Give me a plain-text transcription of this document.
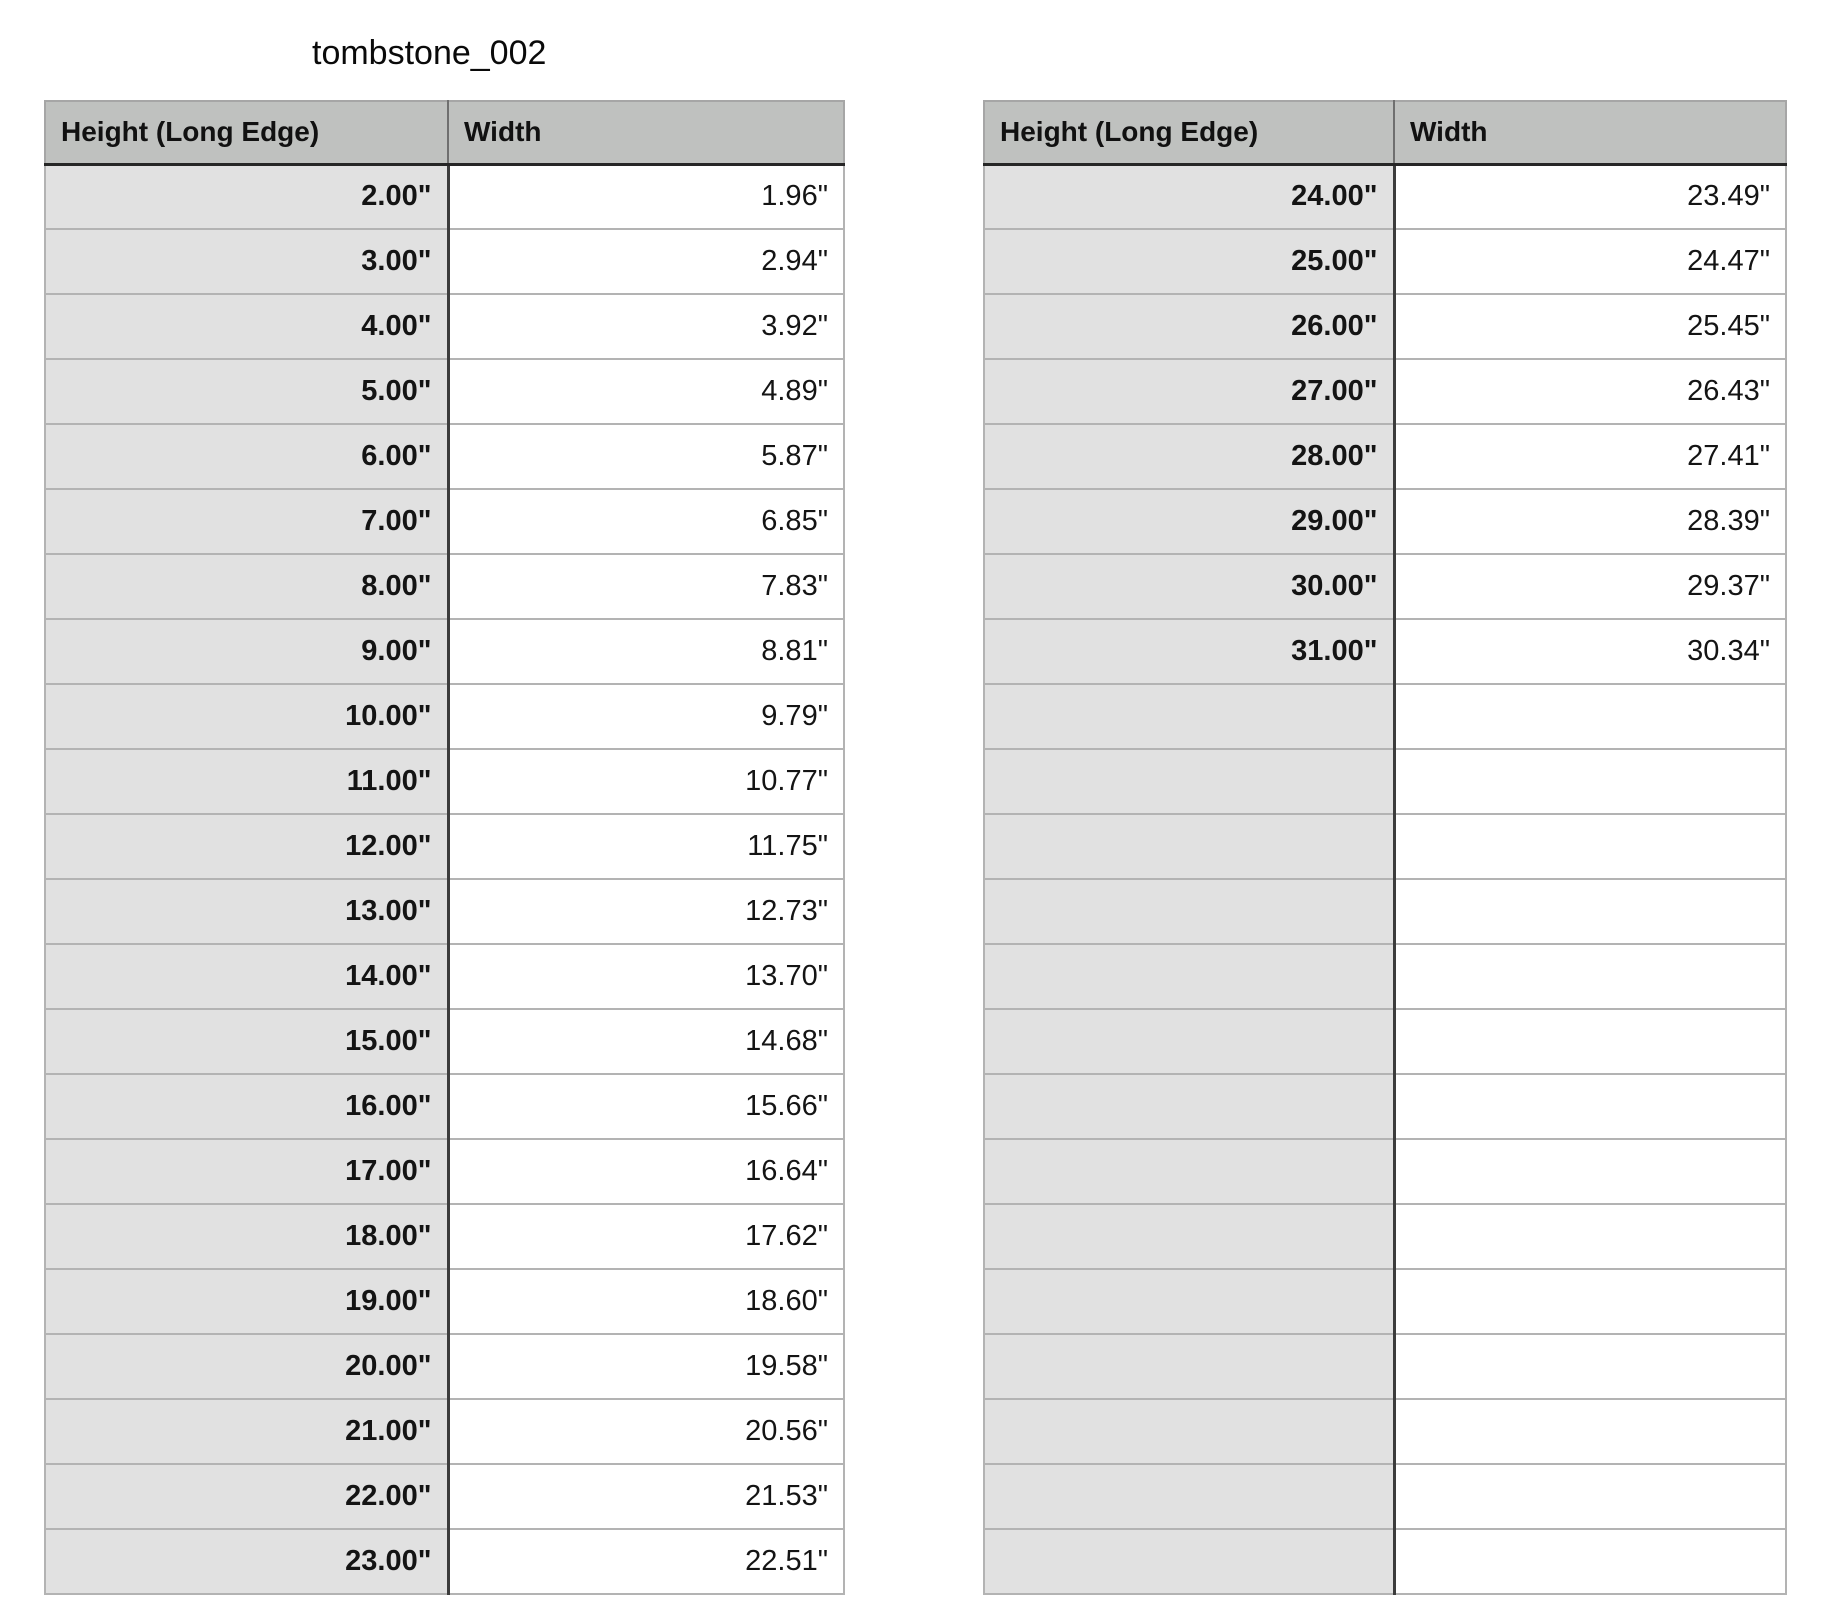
tombstone_002
Height (Long Edge)	Width
2.00"	1.96"
3.00"	2.94"
4.00"	3.92"
5.00"	4.89"
6.00"	5.87"
7.00"	6.85"
8.00"	7.83"
9.00"	8.81"
10.00"	9.79"
11.00"	10.77"
12.00"	11.75"
13.00"	12.73"
14.00"	13.70"
15.00"	14.68"
16.00"	15.66"
17.00"	16.64"
18.00"	17.62"
19.00"	18.60"
20.00"	19.58"
21.00"	20.56"
22.00"	21.53"
23.00"	22.51"
Height (Long Edge)	Width
24.00"	23.49"
25.00"	24.47"
26.00"	25.45"
27.00"	26.43"
28.00"	27.41"
29.00"	28.39"
30.00"	29.37"
31.00"	30.34"
